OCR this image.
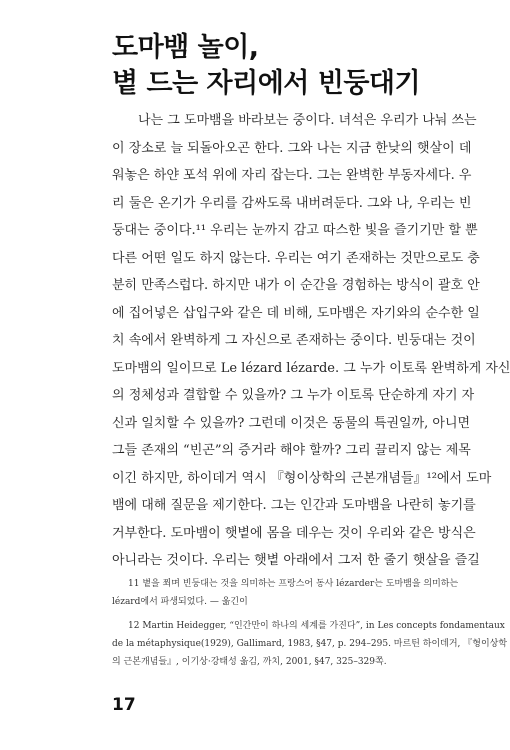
도마뱀 놀이,
볕 드는 자리에서 빈둥대기
나는 그 도마뱀을 바라보는 중이다. 녀석은 우리가 나눠 쓰는
이 장소로 늘 되돌아오곤 한다. 그와 나는 지금 한낮의 햇살이 데
워놓은 하얀 포석 위에 자리 잡는다. 그는 완벽한 부동자세다. 우
리 둘은 온기가 우리를 감싸도록 내버려둔다. 그와 나, 우리는 빈
둥대는 중이다.¹¹ 우리는 눈까지 감고 따스한 빛을 즐기기만 할 뿐
다른 어떤 일도 하지 않는다. 우리는 여기 존재하는 것만으로도 충
분히 만족스럽다. 하지만 내가 이 순간을 경험하는 방식이 괄호 안
에 집어넣은 삽입구와 같은 데 비해, 도마뱀은 자기와의 순수한 일
치 속에서 완벽하게 그 자신으로 존재하는 중이다. 빈둥대는 것이
도마뱀의 일이므로 Le lézard lézarde. 그 누가 이토록 완벽하게 자신
의 정체성과 결합할 수 있을까? 그 누가 이토록 단순하게 자기 자
신과 일치할 수 있을까? 그런데 이것은 동물의 특권일까, 아니면
그들 존재의 “빈곤”의 증거라 해야 할까? 그리 끌리지 않는 제목
이긴 하지만, 하이데거 역시 『형이상학의 근본개념들』¹²에서 도마
뱀에 대해 질문을 제기한다. 그는 인간과 도마뱀을 나란히 놓기를
거부한다. 도마뱀이 햇볕에 몸을 데우는 것이 우리와 같은 방식은
아니라는 것이다. 우리는 햇볕 아래에서 그저 한 줄기 햇살을 즐길
11 볕을 쬐며 빈둥대는 것을 의미하는 프랑스어 동사 lézarder는 도마뱀을 의미하는
lézard에서 파생되었다. — 옮긴이
12 Martin Heidegger, “인간만이 하나의 세계를 가진다”, in Les concepts fondamentaux
de la métaphysique(1929), Gallimard, 1983, §47, p. 294–295. 마르틴 하이데거, 『형이상학
의 근본개념들』, 이기상·강태성 옮김, 까치, 2001, §47, 325–329쪽.
17
